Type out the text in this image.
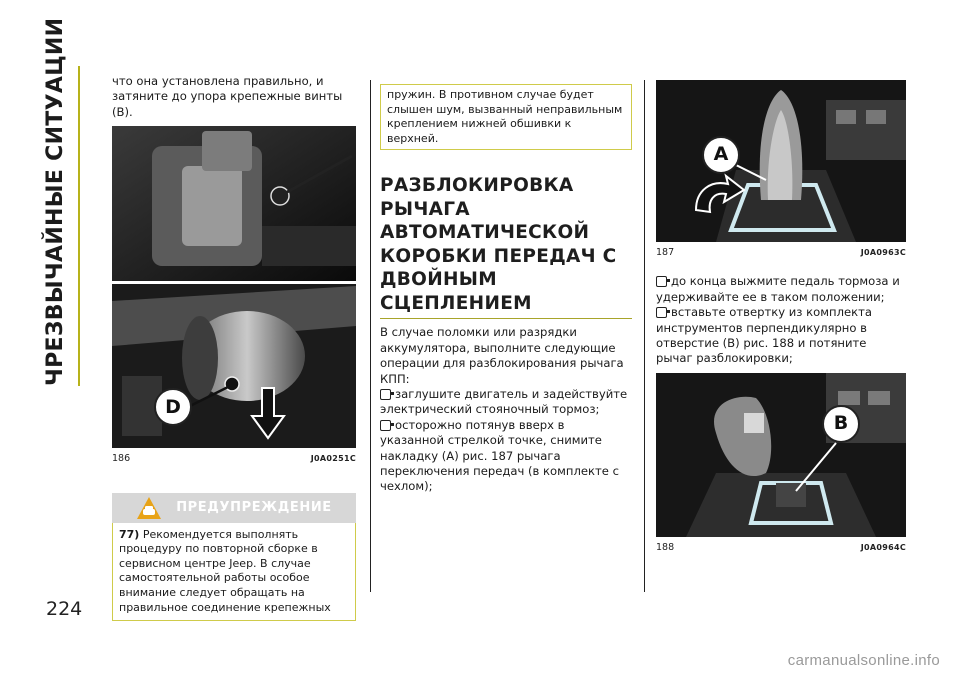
ЧРЕЗВЫЧАЙНЫЕ СИТУАЦИИ
224

что она установлена правильно, и затяните до упора крепежные винты (B).

D
186	J0A0251C
ПРЕДУПРЕЖДЕНИЕ
77) Рекомендуется выполнять процедуру по повторной сборке в сервисном центре Jeep. В случае самостоятельной работы особое внимание следует обращать на правильное соединение крепежных
пружин. В противном случае будет слышен шум, вызванный неправильным креплением нижней обшивки к верхней.
РАЗБЛОКИРОВКА РЫЧАГА АВТОМАТИЧЕСКОЙ КОРОБКИ ПЕРЕДАЧ С ДВОЙНЫМ СЦЕПЛЕНИЕМ

В случае поломки или разрядки аккумулятора, выполните следующие операции для разблокирования рычага КПП:

заглушите двигатель и задействуйте электрический стояночный тормоз;

осторожно потянув вверх в указанной стрелкой точке, снимите накладку (A) рис. 187 рычага переключения передач (в комплекте с чехлом);

A
187	J0A0963C

до конца выжмите педаль тормоза и удерживайте ее в таком положении;

вставьте отвертку из комплекта инструментов перпендикулярно в отверстие (B) рис. 188 и потяните рычаг разблокировки;

B
188	J0A0964C
carmanualsonline.info
